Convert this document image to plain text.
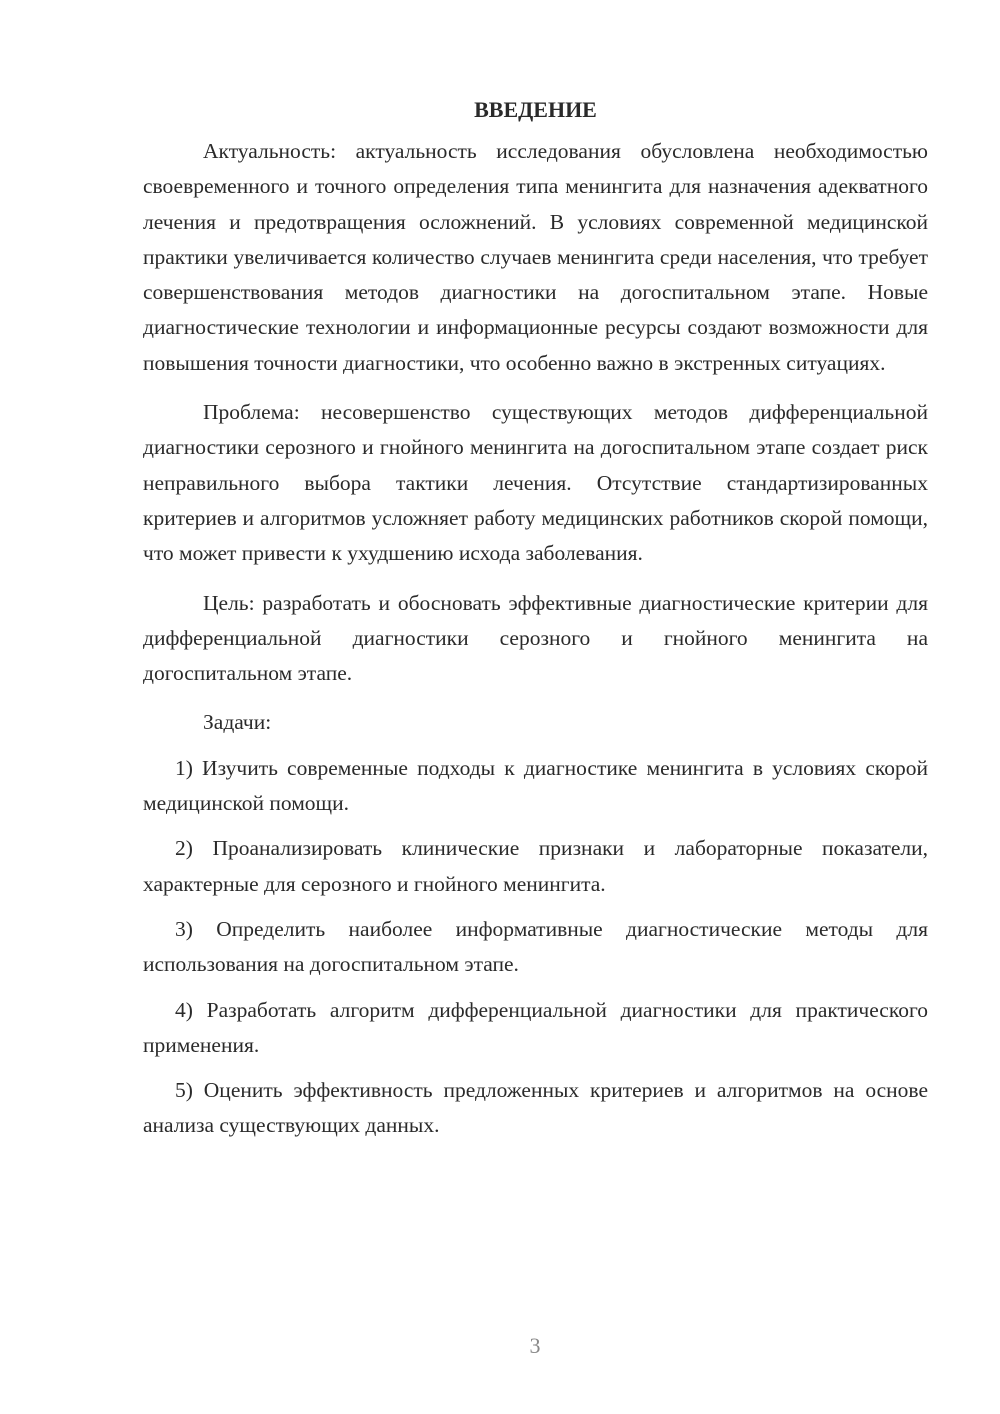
ВВЕДЕНИЕ

Актуальность: актуальность исследования обусловлена необходимостью своевременного и точного определения типа менингита для назначения адекватного лечения и предотвращения осложнений. В условиях современной медицинской практики увеличивается количество случаев менингита среди населения, что требует совершенствования методов диагностики на догоспитальном этапе. Новые диагностические технологии и информационные ресурсы создают возможности для повышения точности диагностики, что особенно важно в экстренных ситуациях.

Проблема: несовершенство существующих методов дифференциальной диагностики серозного и гнойного менингита на догоспитальном этапе создает риск неправильного выбора тактики лечения. Отсутствие стандартизированных критериев и алгоритмов усложняет работу медицинских работников скорой помощи, что может привести к ухудшению исхода заболевания.

Цель: разработать и обосновать эффективные диагностические критерии для дифференциальной диагностики серозного и гнойного менингита на догоспитальном этапе.

Задачи:

1) Изучить современные подходы к диагностике менингита в условиях скорой медицинской помощи.

2) Проанализировать клинические признаки и лабораторные показатели, характерные для серозного и гнойного менингита.

3) Определить наиболее информативные диагностические методы для использования на догоспитальном этапе.

4) Разработать алгоритм дифференциальной диагностики для практического применения.

5) Оценить эффективность предложенных критериев и алгоритмов на основе анализа существующих данных.

3
